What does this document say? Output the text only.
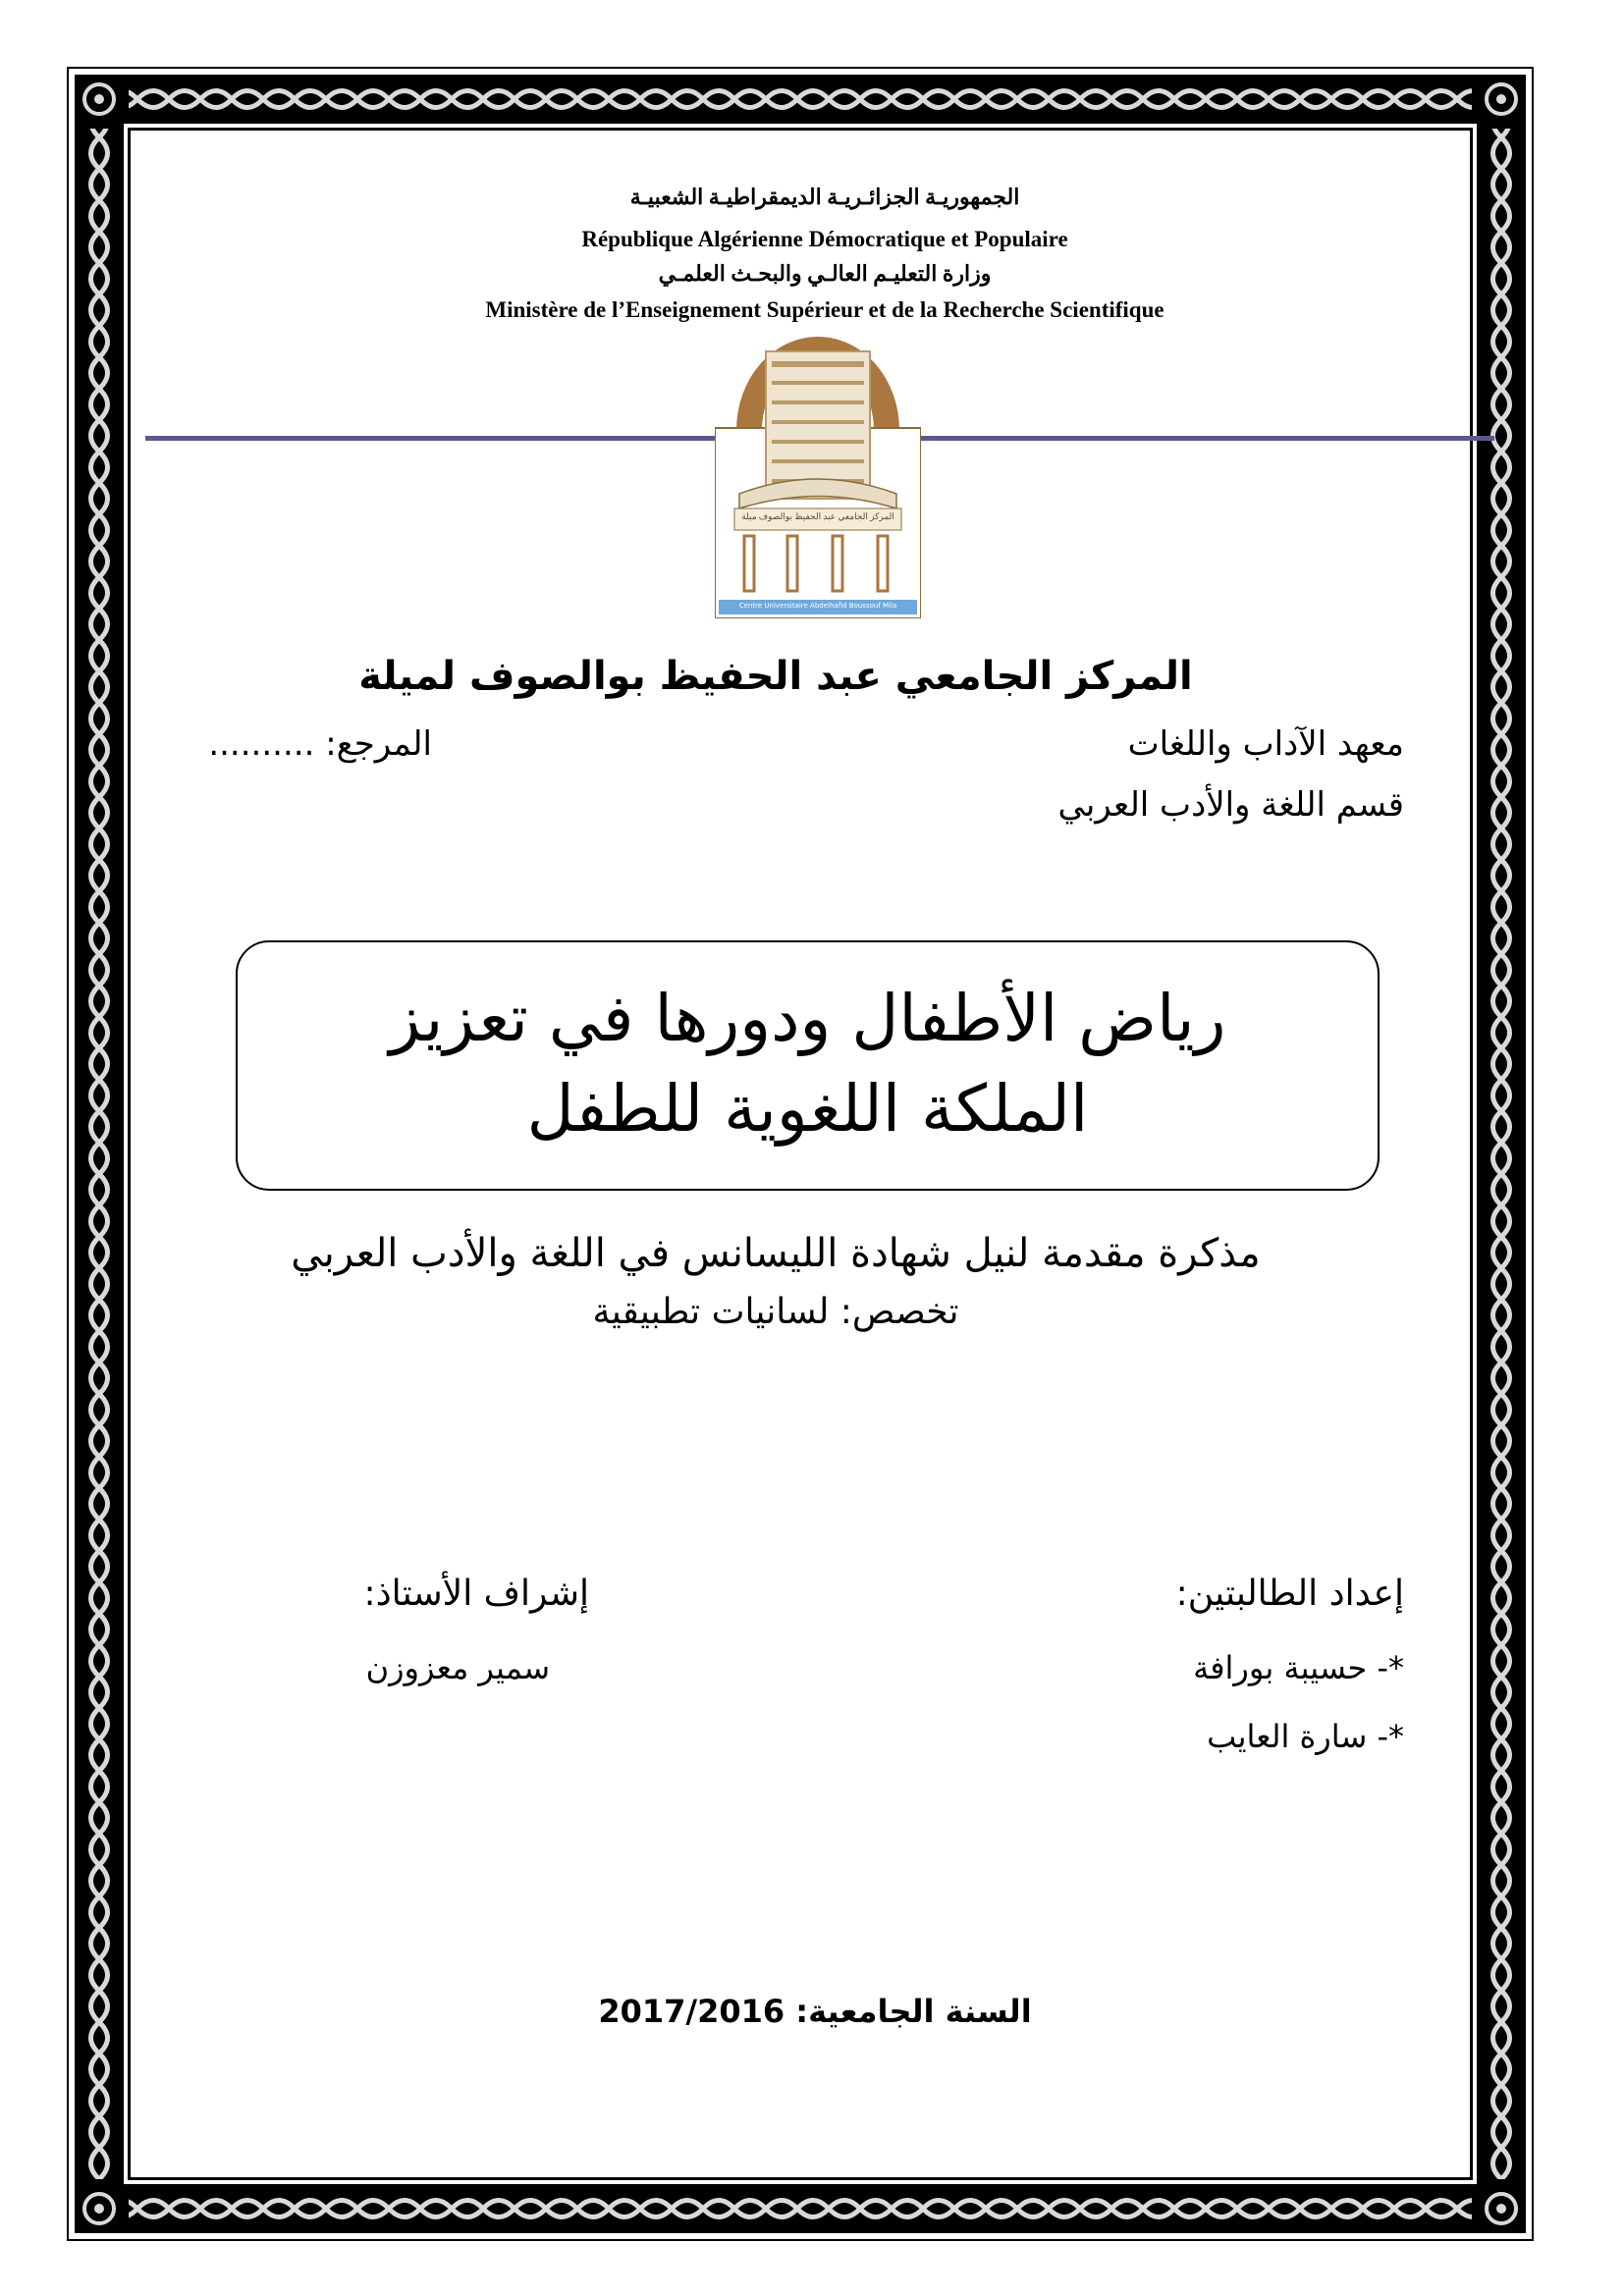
الجمهوريـة الجزائـريـة الديمقراطيـة الشعبيـة
République Algérienne Démocratique et Populaire
وزارة التعليـم العالـي والبحـث العلمـي
Ministère de l’Enseignement Supérieur et de la Recherche Scientifique
المركز الجامعي عبد الحفيظ بوالصوف ميلة
Centre Universitaire Abdelhafid Boussouf Mila
المركز الجامعي عبد الحفيظ بوالصوف لميلة
معهد الآداب واللغات
المرجع: ..........
قسم اللغة والأدب العربي
رياض الأطفال ودورها في تعزيز
الملكة اللغوية للطفل
مذكرة مقدمة لنيل شهادة الليسانس في اللغة والأدب العربي
تخصص: لسانيات تطبيقية
إعداد الطالبتين:
*- حسيبة بورافة
*- سارة العايب
إشراف الأستاذ:
سمير معزوزن
السنة الجامعية: 2017/2016
